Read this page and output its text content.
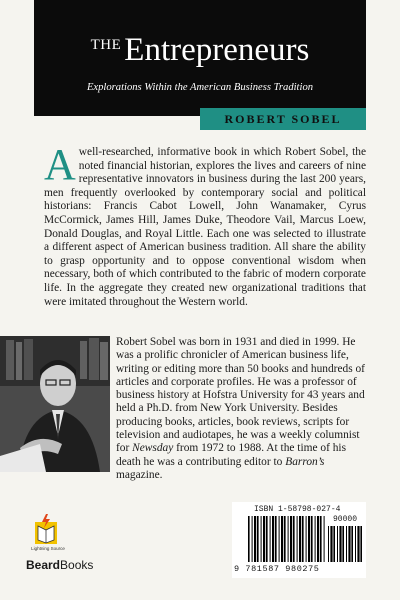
THEEntrepreneurs
Explorations Within the American Business Tradition
ROBERT SOBEL

Awell-researched, informative book in which Robert Sobel, the noted financial historian, explores the lives and careers of nine representative innovators in business during the last 200 years, men frequently overlooked by contemporary social and political historians: Francis Cabot Lowell, John Wanamaker, Cyrus McCormick, James Hill, James Duke, Theodore Vail, Marcus Loew, Donald Douglas, and Royal Little. Each one was selected to illustrate a different aspect of American business tradition. All share the ability to grasp opportunity and to oppose conventional wisdom when necessary, both of which contributed to the fabric of modern corporate life. In the aggregate they created new organizational traditions that were imitated throughout the Western world.

Robert Sobel was born in 1931 and died in 1999. He was a prolific chronicler of American business life, writing or editing more than 50 books and hundreds of articles and corporate profiles. He was a professor of business history at Hofstra University for 43 years and held a Ph.D. from New York University. Besides producing books, articles, book reviews, scripts for television and audiotapes, he was a weekly columnist for Newsday from 1972 to 1988. At the time of his death he was a contributing editor to Barron’s magazine.

Lightning Source
BeardBooks
90000
9 781587 980275
ISBN 1-58798-027-4
